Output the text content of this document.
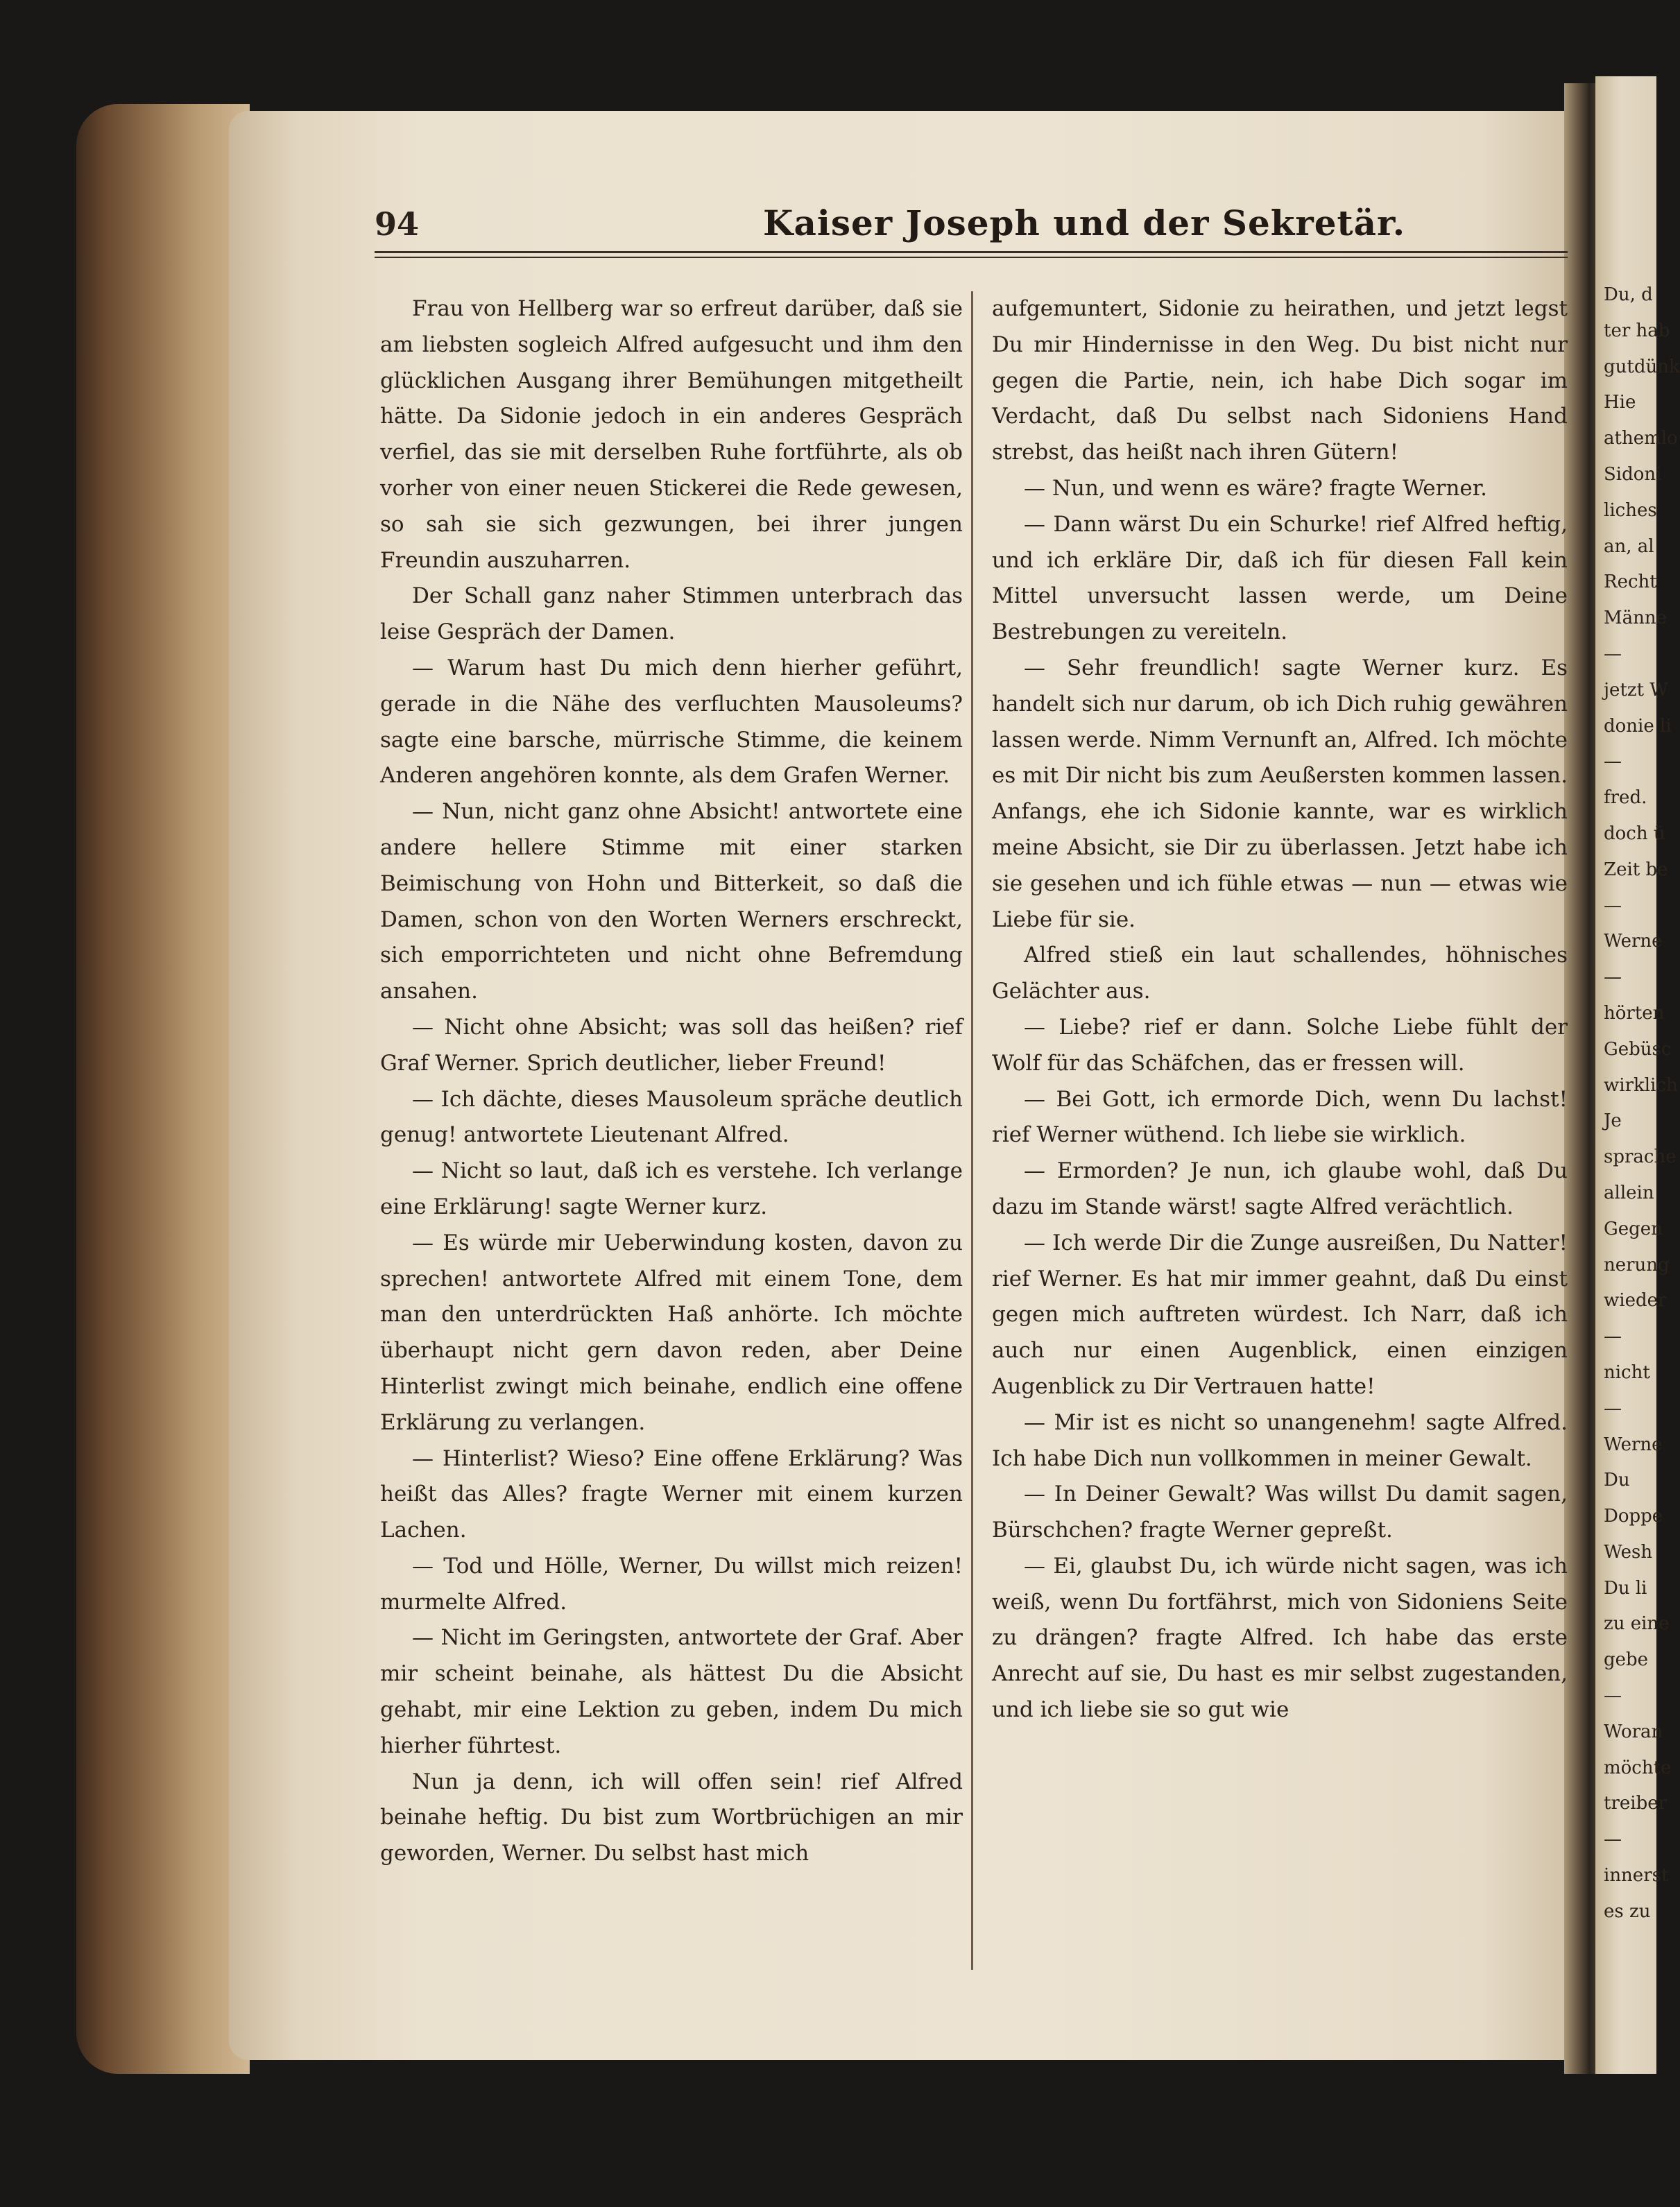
94	Kaiser Joseph und der Sekretär.

Frau von Hellberg war so erfreut darüber, daß sie am liebsten sogleich Alfred aufgesucht und ihm den glücklichen Ausgang ihrer Bemühungen mitgetheilt hätte. Da Sidonie jedoch in ein anderes Gespräch verfiel, das sie mit derselben Ruhe fortführte, als ob vorher von einer neuen Stickerei die Rede gewesen, so sah sie sich gezwungen, bei ihrer jungen Freundin auszuharren.

Der Schall ganz naher Stimmen unterbrach das leise Gespräch der Damen.

— Warum hast Du mich denn hierher geführt, gerade in die Nähe des verfluchten Mausoleums? sagte eine barsche, mürrische Stimme, die keinem Anderen angehören konnte, als dem Grafen Werner.

— Nun, nicht ganz ohne Absicht! antwortete eine andere hellere Stimme mit einer starken Beimischung von Hohn und Bitterkeit, so daß die Damen, schon von den Worten Werners erschreckt, sich emporrichteten und nicht ohne Befremdung ansahen.

— Nicht ohne Absicht; was soll das heißen? rief Graf Werner. Sprich deutlicher, lieber Freund!

— Ich dächte, dieses Mausoleum spräche deutlich genug! antwortete Lieutenant Alfred.

— Nicht so laut, daß ich es verstehe. Ich verlange eine Erklärung! sagte Werner kurz.

— Es würde mir Ueberwindung kosten, davon zu sprechen! antwortete Alfred mit einem Tone, dem man den unterdrückten Haß anhörte. Ich möchte überhaupt nicht gern davon reden, aber Deine Hinterlist zwingt mich beinahe, endlich eine offene Erklärung zu verlangen.

— Hinterlist? Wieso? Eine offene Erklärung? Was heißt das Alles? fragte Werner mit einem kurzen Lachen.

— Tod und Hölle, Werner, Du willst mich reizen! murmelte Alfred.

— Nicht im Geringsten, antwortete der Graf. Aber mir scheint beinahe, als hättest Du die Absicht gehabt, mir eine Lektion zu geben, indem Du mich hierher führtest.

Nun ja denn, ich will offen sein! rief Alfred beinahe heftig. Du bist zum Wortbrüchigen an mir geworden, Werner. Du selbst hast mich

aufgemuntert, Sidonie zu heirathen, und jetzt legst Du mir Hindernisse in den Weg. Du bist nicht nur gegen die Partie, nein, ich habe Dich sogar im Verdacht, daß Du selbst nach Sidoniens Hand strebst, das heißt nach ihren Gütern!

— Nun, und wenn es wäre? fragte Werner.

— Dann wärst Du ein Schurke! rief Alfred heftig, und ich erkläre Dir, daß ich für diesen Fall kein Mittel unversucht lassen werde, um Deine Bestrebungen zu vereiteln.

— Sehr freundlich! sagte Werner kurz. Es handelt sich nur darum, ob ich Dich ruhig gewähren lassen werde. Nimm Vernunft an, Alfred. Ich möchte es mit Dir nicht bis zum Aeußersten kommen lassen. Anfangs, ehe ich Sidonie kannte, war es wirklich meine Absicht, sie Dir zu überlassen. Jetzt habe ich sie gesehen und ich fühle etwas — nun — etwas wie Liebe für sie.

Alfred stieß ein laut schallendes, höhnisches Gelächter aus.

— Liebe? rief er dann. Solche Liebe fühlt der Wolf für das Schäfchen, das er fressen will.

— Bei Gott, ich ermorde Dich, wenn Du lachst! rief Werner wüthend. Ich liebe sie wirklich.

— Ermorden? Je nun, ich glaube wohl, daß Du dazu im Stande wärst! sagte Alfred verächtlich.

— Ich werde Dir die Zunge ausreißen, Du Natter! rief Werner. Es hat mir immer geahnt, daß Du einst gegen mich auftreten würdest. Ich Narr, daß ich auch nur einen Augenblick, einen einzigen Augenblick zu Dir Vertrauen hatte!

— Mir ist es nicht so unangenehm! sagte Alfred. Ich habe Dich nun vollkommen in meiner Gewalt.

— In Deiner Gewalt? Was willst Du damit sagen, Bürschchen? fragte Werner gepreßt.

— Ei, glaubst Du, ich würde nicht sagen, was ich weiß, wenn Du fortfährst, mich von Sidoniens Seite zu drängen? fragte Alfred. Ich habe das erste Anrecht auf sie, Du hast es mir selbst zugestanden, und ich liebe sie so gut wie

Du, d
ter hab
gutdünk
Hie
athemlo
Sidoni
liches
an, al
Recht
Männe
—
jetzt W
donie li
—
fred.
doch ü
Zeit be
—
Werne
—
hörten
Gebüsc
wirklich
Je
sprache
allein
Gegen
nerung
wieder
—
nicht
—
Werne
Du
Doppe
Wesh
Du li
zu eine
gebe
—
Woran
möchte
treiber
—
innerst
es zu
